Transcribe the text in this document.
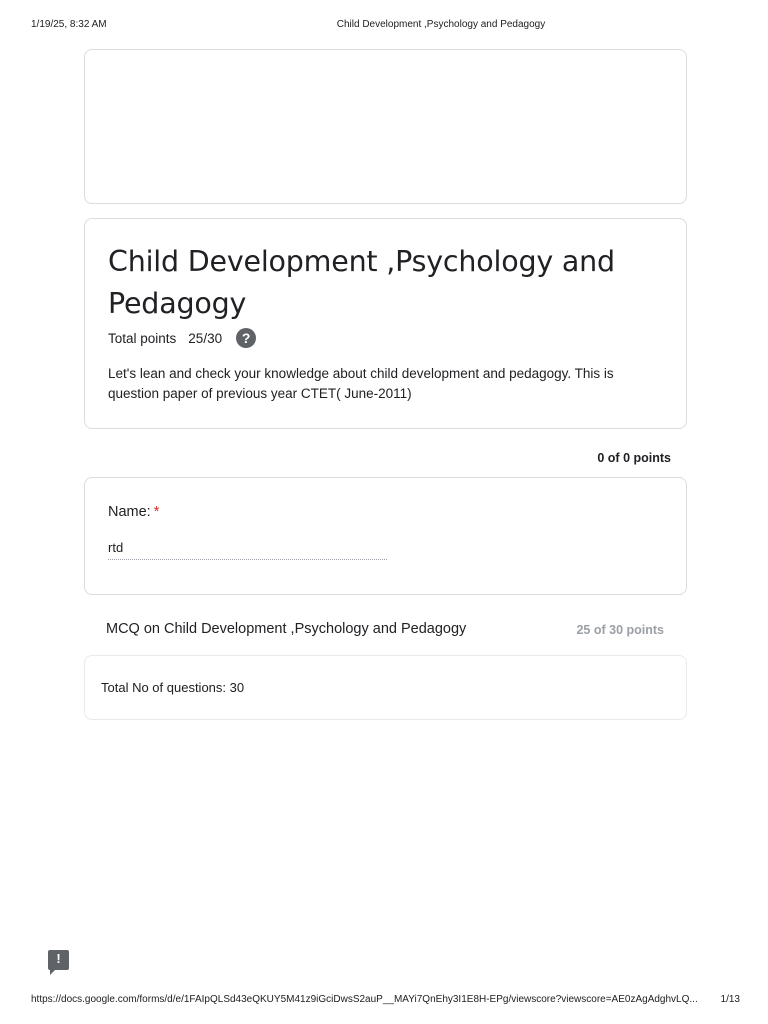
1/19/25, 8:32 AM	Child Development ,Psychology and Pedagogy
Child Development ,Psychology and Pedagogy
Total points 25/30	?

Let's lean and check your knowledge about child development and pedagogy. This is question paper of previous year CTET( June-2011)

0 of 0 points
Name: *
rtd
MCQ on Child Development ,Psychology and Pedagogy	25 of 30 points
Total No of questions: 30
!
https://docs.google.com/forms/d/e/1FAIpQLSd43eQKUY5M41z9iGciDwsS2auP__MAYi7QnEhy3I1E8H-EPg/viewscore?viewscore=AE0zAgAdghvLQ...	1/13
